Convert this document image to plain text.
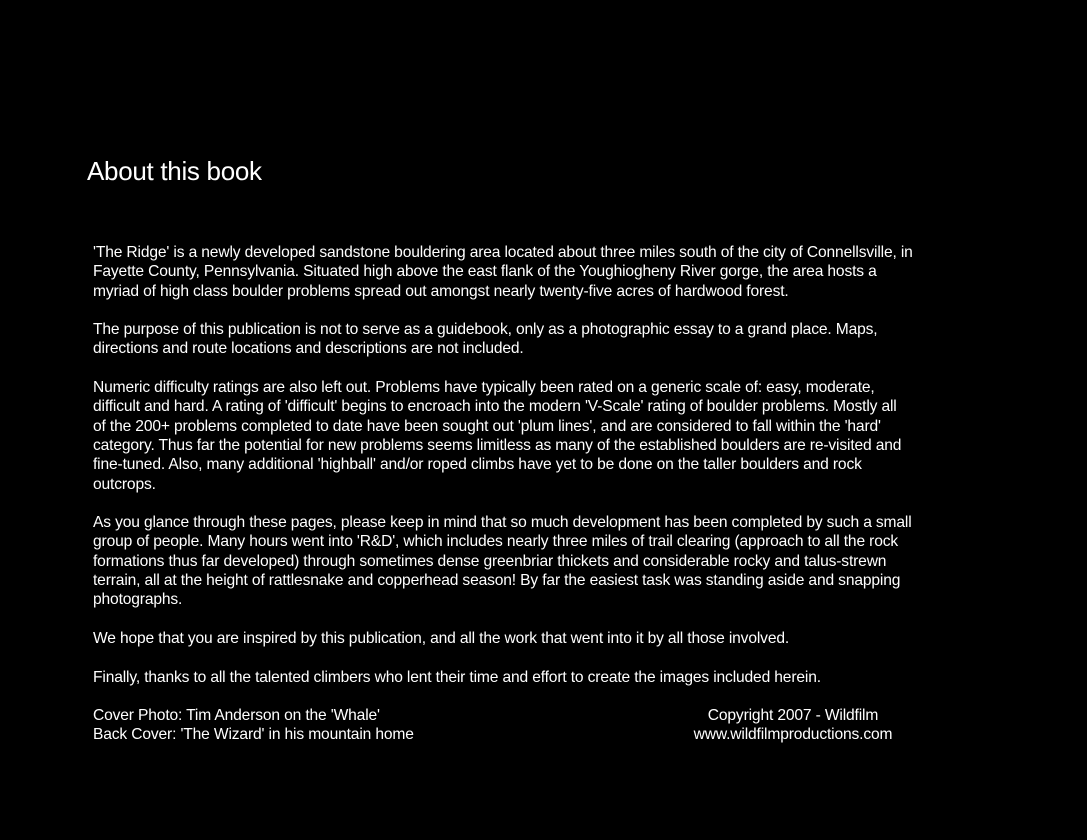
About this book

'The Ridge' is a newly developed sandstone bouldering area located about three miles south of the city of Connellsville, in
Fayette County, Pennsylvania. Situated high above the east flank of the Youghiogheny River gorge, the area hosts a
myriad of high class boulder problems spread out amongst nearly twenty-five acres of hardwood forest.

The purpose of this publication is not to serve as a guidebook, only as a photographic essay to a grand place. Maps,
directions and route locations and descriptions are not included.

Numeric difficulty ratings are also left out. Problems have typically been rated on a generic scale of: easy, moderate,
difficult and hard. A rating of 'difficult' begins to encroach into the modern 'V-Scale' rating of boulder problems. Mostly all
of the 200+ problems completed to date have been sought out 'plum lines', and are considered to fall within the 'hard'
category. Thus far the potential for new problems seems limitless as many of the established boulders are re-visited and
fine-tuned. Also, many additional 'highball' and/or roped climbs have yet to be done on the taller boulders and rock
outcrops.

As you glance through these pages, please keep in mind that so much development has been completed by such a small
group of people. Many hours went into 'R&D', which includes nearly three miles of trail clearing (approach to all the rock
formations thus far developed) through sometimes dense greenbriar thickets and considerable rocky and talus-strewn
terrain, all at the height of rattlesnake and copperhead season! By far the easiest task was standing aside and snapping
photographs.

We hope that you are inspired by this publication, and all the work that went into it by all those involved.

Finally, thanks to all the talented climbers who lent their time and effort to create the images included herein.

Cover Photo: Tim Anderson on the 'Whale'
Back Cover: 'The Wizard' in his mountain home
Copyright 2007 - Wildfilm
www.wildfilmproductions.com
